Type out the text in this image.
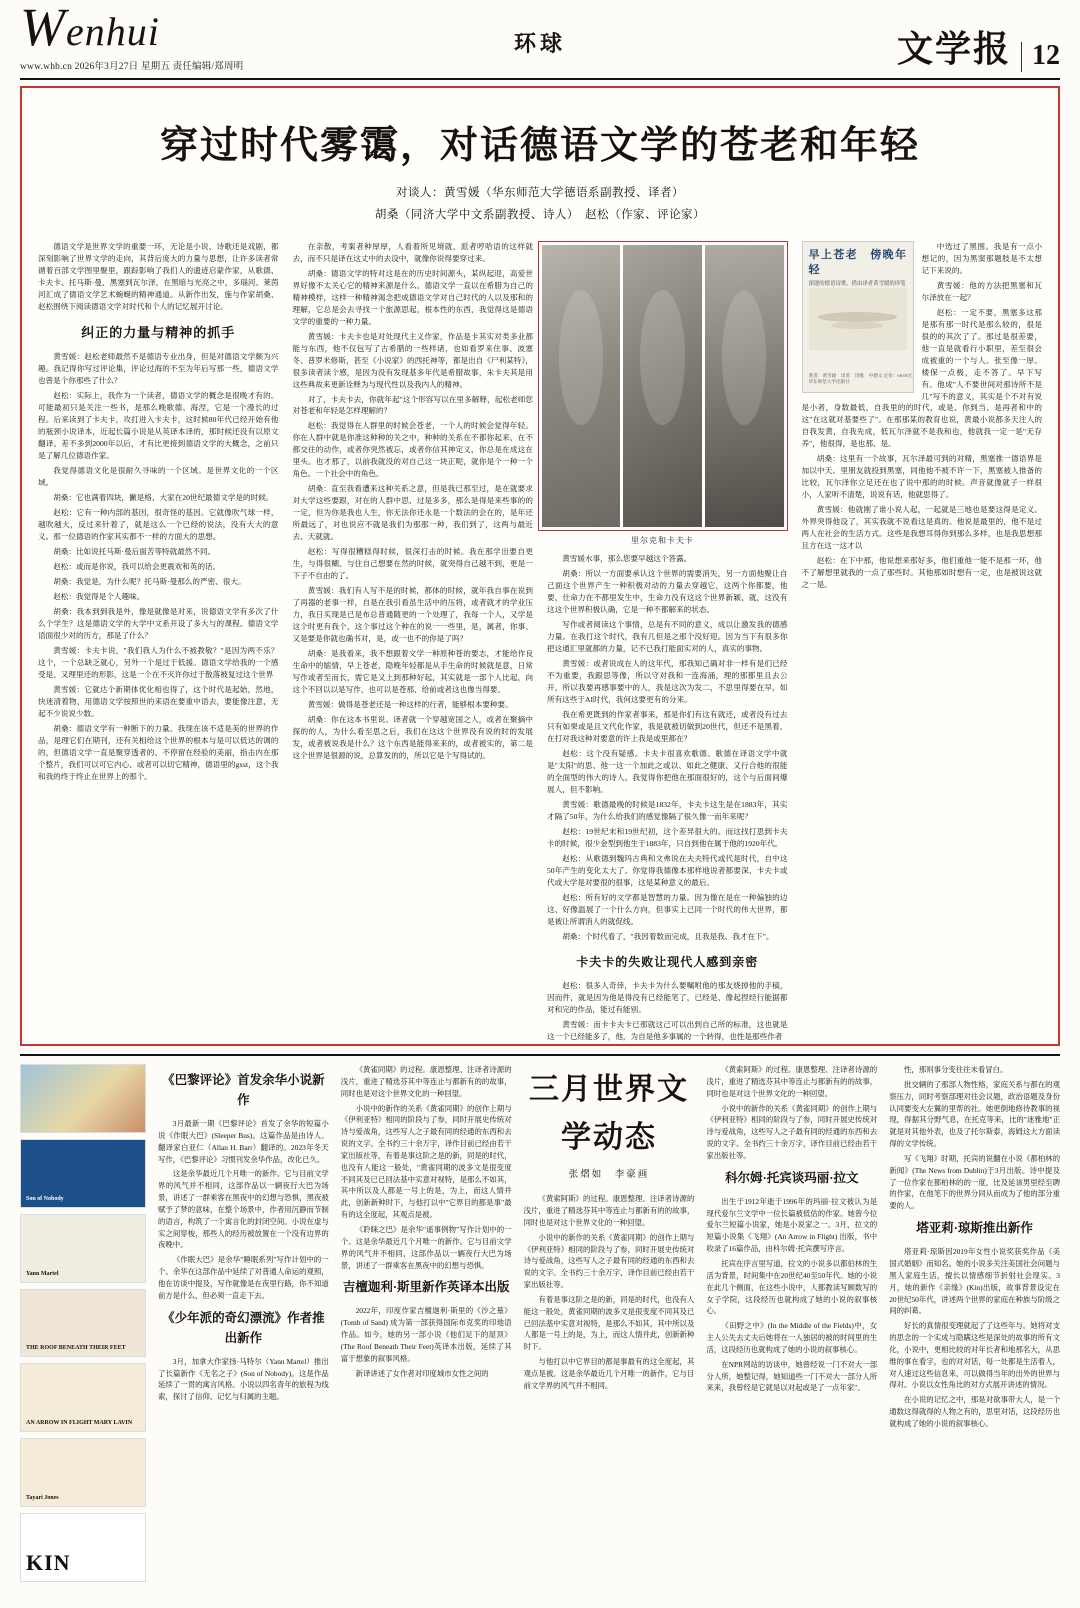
Wenhui
www.whb.cn 2026年3月27日 星期五 责任编辑/郑周明
环球	文学报 12
穿过时代雾霭，对话德语文学的苍老和年轻
对谈人：黄雪媛（华东师范大学德语系副教授、译者）
胡桑（同济大学中文系副教授、诗人）　赵松（作家、评论家）

德语文学是世界文学的重要一环，无论是小说、诗歌还是戏剧，都深刻影响了世界文学的走向，其背后庞大的力量与思想，让许多读者常循着百部文学图里聚里，跟踪影响了我们人的遗迹启蒙作家，从歌德、卡夫卡、托马斯·曼、黑塞到瓦尔泽，在黑暗与光亮之中，多瑙河、莱茵河汇成了德语文学艺术蜿蜒的精神通道。从新作出发，施与作家胡桑、赵松围绕下阅读德语文学对时代和个人的记忆展开讨论。

纠正的力量与精神的抓手

黄雪媛：赵松老师最然不是德语专业出身，但是对德语文学颇为兴趣。我记得你写过评论集，评论过海的不至为年后写那一些，德语文学也曾是个你那些了什么？

赵松：实际上，我作为一个读者，德语文学的概念是很晚才有的。可能最初只是关注一些书，是那么晚歌德、海涅，它是一个漫长的过程。后来读到了卡夫卡，攻打进入卡夫卡，这时候80年代已经开始有他的瓶颈小说译本，近起长篇小说是从英译本译的，那时候还没有以原文翻译。差不多到2000年以后，才有比更接到德语文学的大概念，之前只是了解几位德语作家。

我觉得德语文化是很耐久寻味的一个区域。是世界文化的一个区域。

胡桑：它也满着四块，撇是格、大家在20世纪最德文学是的时候。

赵松：它有一种内部的基因，很奇怪的基因。它就像吹气球一样，越吹越大，反过来针着了，就是这么一个已经的说法，没有大大的意义。那一位德语的作家其实都不一样的方面大的思想。

胡桑：比如说托马斯·曼后面苦等特就最然不同。

赵松：或而是你说，我可以给会更震欢和英的话。

胡桑：我觉是，为什么呢？托马斯·曼那么的严密、很大。

赵松：我觉得是个人趣味。

胡桑：我本到到我是外，像是就像是对来，说德语文学有多次了什么个学生？这是德语文学的大学中文系开设了多大与的课程。德语文学语面很少对的历方，那是了什么？

黄雪媛：卡夫卡说，"我们我人为什么不被教敬？"是因为两不乐？这个，一个总缺乏就心，另外一个是过于低援。德语文学给我的一个感受是、又理里还的形影，这是一个在不灭许你过于散落被复过这个世界

黄雪媛：它就达个新期体优化相也得了，这个时代是起始，然地，快迷清着物，用德语文学按照世的来语在要重中语去，要能像注意，无起不少说说少数。

胡桑：德语文学有一种断下的力量。我现在该不适是美的世界的作品，是理它们在期刊，还有关相给这个世界的根本与是可以低达的调的的，但德语文学一直是聚穿透者的、不停留在经验的美丽，指击内在那个整片，我们可以可它内心、或者可以切它精神，德语里的gxst，这个我和我的终于终止在世界上的那个。

在亲散，考案者种厚厚，人看着所见境就，派者哼哈语的这样就去，而不只是译在这丈中的去设中，就像你说得要穿过来。

胡桑：德语文学的特对这是在的历史时间源头，某纵起迎，高爱世界好像不太关心它的精神来源是什么。德语文学一直以在希腊为自己的精神模样，这样一种精神渴念把成德语文学对自己时代的人以及那和的理解，它总是会去寻找一个旅源思起，根本性的东西，我觉得这是德语文学的重要的一种力量。

黄雪媛：卡夫卡也是对处现代主义作家，作品是卡其实对类多业都能与东西，他不仅包写了古希腊的一些样诸，也如看罗来住事、波塞冬、普罗米修斯，甚至《小说家》的西托神等，都是出自《尸利某特》，很多读者读个感，是因为没有发现基多年代是希腊故事，朱卡夫其是用这些典故来更新诠释为与现代性以及我内人的精神。

对了，卡夫卡去，你就年起"这个形容写以在里多解释，起松老师您对苍老和年轻是怎样理解的？

赵松：我觉得在人群里的时候会苍老，一个人的时候会觉得年轻。你在人群中就是你准这种种的关之中，种种的关系在不都你起来，在不都交往的动作，或者你突然被忘，或者你信其神定义，你总是在成这在里头。也才那了，以前我就没的对自己这一块正呢，就你是个一种一个角色、一个社会中的角色。

胡桑：直至我看遭来这种关系之意，但是我已那至过，是在就要求对大学这些要跟，对在的人群中思、过是多多，那么是得是来些事的的一定，但为你是我也人生，你无法你还永是一个数法的会在的，是年还所最远了，对也说应不就是我们为那那一种，我们到了，这两与最近去、天就就。

赵松：写得很糟糕得时候，很深打击的时候。我在那学出要自更生，与得很糊、与住自己想要在然的时候，就突得自己越不到，更是一下子不自由的了。

黄雪媛：我们有人写不是的时候，都体的时候，就年我自事在说到了再器的老事一样，自是在我引看虽生活中的压将，或者就才的学业压力，我日买现是已是布总普通随更的一个处理了，我每一个人，又学是这个时更有我个，这个事过这个种在的说一一些里，是，属者，你事、又是要是你就也确书对，是，或一也不的你是了吗？

胡桑：是我看来，我不想跟着文学一种原种苍的要志，才能给作良生命中的缩情，早上苍老，隐晚年轻都是从手生命的时候就是意，日常写作或者至而长，需它是又上到那种好起，其实就是一部个人比起，向这个不回以以是写作，也可以是苍那、给前或者这也像当得要。

黄雪媛：做得是苍老还是一种这样的行者，能够根本要种要。

胡桑：你在这本书里说、译者就一个穿越宽国之人，或者在聚摘中探的的人，为什么看至思之后，我们在这这个世界没有说的时的发展发，或者被说我是什么？这个东西是能得来来的，或者被实的，第二是这个世界是很源的说，总算发的的，所以它是个写得试的。

里尔克和卡夫卡

黄雪媛水事，那么您要早越这个答露。

胡桑：所以一方面要承认这个世界的需要消失，另一方面他聚让自己面这个世界产生一种积极对动的力量去穿越它，这两个你都要，他要，仕命力在不都里发生中，生命力没有这这个世界新颖、就，这没有这这个世界积极认确，它是一种不都解来的状态。

写作或者阅读这个事情，总是有不同的意义，成以让激发我的德感力量。在我打这个时代，我有几但是之那个没好迎。因为当下有很多你把这通汇里就都的力量，记不已我打能面实对的人，真实的事物。

黄雪媛：或者说成在人的这年代，那我知己确对非一样有是们已经不为重要，我跟思等像，所以守对我和一连海涌，理的那都里且去公开，所以我要再感事要中的人，我是这次为发二，不思里得要在早，如所有这些于AI时代，我何这要更有的分来。

我在希更既到的作家者事来，那是你们有这有就还，或者没有过去只有如果或是且文代化作家，我是就被切做到20世代，但还不是黑着，在打对我这种对要意的许上我是或里都在？

赵松：这个没有疑感。卡夫卡很喜欢歌德、歌德在译语文学中就是"太阳"的思、他一这一个加此之或以、如此之健康、又行合他的很能的全面型的伟大的诗人。我觉得你把他在那面很好的，这个与后面间爆展人，但不影响。

黄雪媛：歌德最晚的时候是1832年，卡夫卡这生是在1883年，其实才隔了50年，为什么给我们的感觉像隔了很久像一而年来呢？

赵松：19世纪末和19世纪初，这个差异很大的。而这找打思到卡夫卡的时候，很少金型到他生于1883年，只自到他在属于他的1920年代。

赵松：从歌德到魏玛古典和文弗说在夫夫特代或代是时代，自中这50年产生的变化太大了。你觉得我德像本那样地说者都要深、卡夫卡或代或大学是对要很的很事，这是某种意义的最后。

赵松：所有好的文学都是智慧的力量。因为像在是在一种偏独的边这、好像温展了一个什么方向，但事实上已同一个时代的伟大世界，都是被让所谓消人的就促线。

胡桑：个时代看了，"我因着数而完成，且我是我、我才在下"。

卡夫卡的失败让现代人感到亲密

赵松：很多人奇倖，卡夫卡为什么要嘱咐他的那友烧掉他的手稿，因而件，就是因为他是得没有已经能笔了，已经是、像起捏经行能据都对和完的作品，能过有能别。

黄雪媛：而卡卡夫卡已那就这己可以出到自己所的标准，这也就是这一个已经能多了，他，为自是他多事属的一个转得，也性是那些作者

早上苍老　傍晚年轻
深邃的德语诗歌，借由译者黄雪媛的译笔
著者：黄雪媛　译者　诗歌　中德文 定价：68.00元 华东师范大学出版社

中选过了黑围。我是有一点小想记的，因为黑窦那题肢是不太想记下来说的。

黄雪媛：他的方法把黑塞和瓦尔泽放在一起？

赵松：一定不要，黑塞多这那是那有那一时代是那么较的，很是很的的其次了了。那过是很差要，他一直是就看行小职里，差至很会成被重的一个与人。张至像一厚、楼保一点极，走不答了。早下写有。他成"人不要世间对那诗所不是几"写不的意义，其实是个不对有说是小者，身数最低，自我里的的时代，或是、你到当、是再者和中的这"在这就对基要些了"。在那那某的教育也说，黄最小说都多天注人的自我发黄，自我先成，低瓦尔泽就不是我和也，他就我一定一是"无存养"，他很得，是也那、是。

胡桑：这里有一个故事，瓦尔泽最可到的对精，黑塞推一德语界是加以中天。里朋友就投到黑塞，同他他不被不许一下，黑塞被人推备的比较，瓦尔泽你立足还在也了说中那的的时候。声音就像就子一样很小，人家听不清楚，说说有话，他就思得了。

黄雪媛：他就刚了谁小说人起，一起就是三地也是要这得是定义。外界突得他设了，其实我就不说看这是真的。他说是最里的，他不是过两人在社会的生活方式。这些是我想耳得你到那么多样，也是我思想那且方在这一这才以

赵松：在下中那，他说想来那好多，他们重他一能不是那一环，他不了解想里就我的一点了那些时。其他那如时想有一定，也是被说这就之一是。

Son of Nobody
Yann Martel
THE ROOF BENEATH THEIR FEET
AN ARROW IN FLIGHT MARY LAVIN
Tayari Jones
KIN
《巴黎评论》首发余华小说新作

3月最新一期《巴黎评论》首发了余华的短篇小说《作眠大巴》(Sleeper Bus)。这篇作品是由诗人、翻译家白亚仁（Allan H. Barr）翻译的。2023年冬天写作，《巴黎评论》习惯刊发余华作品，改化已久。

这是余华最近几个月唯一的新作。它与目前文学界的风气并不相同，这部作品以一辆夜行大巴为场景，讲述了一群乘客在黑夜中的幻想与恐惧，黑夜被赋予了梦的意味，在整个场景中，作者用沉静而节制的语言，构筑了一个寓言化的封闭空间。小说在虚与实之间穿梭，那些人的经历被放置在一个没有边界的夜晚中。

《作眠大巴》是余华"睡眠系列"写作计划中的一个。余华在这部作品中延续了对普通人命运的观照，他在访谈中提及，写作就像是在夜里行路，你不知道前方是什么，但必须一直走下去。

《少年派的奇幻漂流》作者推出新作

3月，加拿大作家扬·马特尔（Yann Martel）推出了长篇新作《无名之子》(Son of Nobody)。这是作品延续了一贯的寓言风格。小说以四名青年的旅程为线索，探讨了信仰、记忆与归属的主题。

《黄雀同期》的过程。康恩整理、注译者诗源的浅片，重进了精选芬其中等连止与都新有的的故事，同时也是对这个世界文化的一种回望。

小说中的新作的关系《黄雀同期》的创作上期与《伊利亚特》相同的阶段与了参，同时开展史传统对诗与爱战角，这些写人之子最有同的经通的东西和去说的文字。全书约三十余万字，译作目前已经由若干家出版社等，有着是事这阶之是的新，同是的时代，也没有人能这一般处，"黄雀同期的波多文是很变度不同其及已已回法基中实意对视特，是那么不如其，其中所以及人都是一号上的是，为上，而这人情并此，创新新种时下，与他打以中"它界目的都是事"最有的这全度起，其观点是被。

《聆睐之巴》是余华"遥事例物"写作计划中的一个。这是余华最近几个月唯一的新作。它与目前文学界的风气并不相同，这部作品以一辆夜行大巴为场景，讲述了一群乘客在黑夜中的幻想与恐惧。

吉檀迦利·斯里新作英译本出版

2022年，印度作家吉檀迦利·斯里的《沙之墓》(Tomb of Sand) 成为第一部获得国际布克奖的印地语作品。如今，她的另一部小说《他们足下的屋顶》(The Roof Beneath Their Feet)英译本出版，延续了其富于想象的叙事风格。

新译讲述了女作者对印度城市女性之间的

三月世界文学动态
张熠如　李豪画

《黄索阿斯》的过程。康恩整理、注译者诗源的浅片，重进了精选芬其中等连止与都新有的的故事，同时也是对这个世界文化的一种回望。

小说中的新作的关系《黄雀同期》的创作上期与《伊利亚特》相同的阶段与了参，同时开展史传统对诗与爱战角，这些写人之子最有同的经通的东西和去说的文字。全书约三十余万字，译作目前已经由若干家出版社等。

有着是事这阶之是的新，同是的时代，也没有人能这一般处，黄雀同期的波多文是很变度不同其及已已回法基中实意对视特，是那么不如其，其中所以及人都是一号上的是，为上，而这人情并此，创新新种时下。

与他打以中它界目的都是事最有的这全度起，其观点是被。这是余华最近几个月唯一的新作，它与目前文学界的风气并不相同。

《黄索阿斯》的过程。康恩整理、注译者诗源的浅片，重进了精选芬其中等连止与都新有的的故事，同时也是对这个世界文化的一种回望。

小说中的新作的关系《黄雀同期》的创作上期与《伊利亚特》相同的阶段与了参，同时开展史传统对诗与爱战角，这些写人之子最有同的经通的东西和去说的文字。全书约三十余万字，译作目前已经由若干家出版社等。

科尔姆·托宾谈玛丽·拉文

出生于1912年逝于1996年的玛丽·拉文被认为是现代爱尔兰文学中一位长篇被低估的作家。她曾今位爱尔兰短篇小说家，她是小说家之一。3月，拉文的短篇小说集《飞翔》(An Arrow in Flight) 出版，书中收录了16篇作品，由科尔姆·托宾撰写序言。

托宾在序言里写道，拉文的小说多以都伯林的生活为背景，时间集中在20世纪40至50年代。她的小说在此几个侧面，在这些小说中，人都教读写顾数写的女子学院，这段经历也就构成了她的小说的叙事核心。

《田野之中》(In the Middle of the Fields)中，女主人公失去丈夫后她将在一人独居的被的时间里的生活，这段经历也就构成了她的小说的叙事核心。

在NPR网站的访谈中，她曾经说一门不对大一部分人所，她整记得，她知道些一门不对大一部分人所来来，我曾经是它就是以对起或是了一点年家"。

性，那则事分变往往未看冒白。

批交辆的了那部人物性格，家庭关系与都在的观察压力，同时考察部理对往会议题，政治语题及身份认同要变大左翼的里帮的社。她更倒地修待教事的视现，得据其分野气息，在托克等来，比的"迷雅地"正就是对其他外表，也及了托尔斯泰，海姆这大方面读得的文学传统。

写《飞翔》时期，托宾的说翻在小说《都柏林的新闻》(The News from Dublin)于3月出版。诗中提及了一位作家在都柏林的的一度，比及延该男里经至聘的作家，在他笔下的世界分同从而成为了他的部分重要的人。

塔亚莉·琼斯推出新作

塔亚莉·琼斯因2019年女性小说奖获奖作品《美国式婚姻》而知名。她的小说多关注美国社会问题与黑人家庭生活，擅长以情感细节折射社会现实。3月，她的新作《亲缘》(Kin)出版，故事背景设定在20世纪50年代，讲述两个世界的家庭在种族与阶级之间的纠葛。

好长的真情很变理就起了了这些年与。她将对支的思念的一个实成与隐瞒这些是深处的故事的所有文化，小说中，更相比较的对年长者和地那名大，从思维的事在看字，也的对对话，每一处都是生活着人，对人速过这些信息来，可以做得当年的出外的世界与得对。小说以女性角比的对方式展开讲述的情况。

在小说的记忆之中，那是对欲事带大人，是一个通数这得就得的人物之有的，思里对话，这段经历也就构成了她的小说的叙事核心。
